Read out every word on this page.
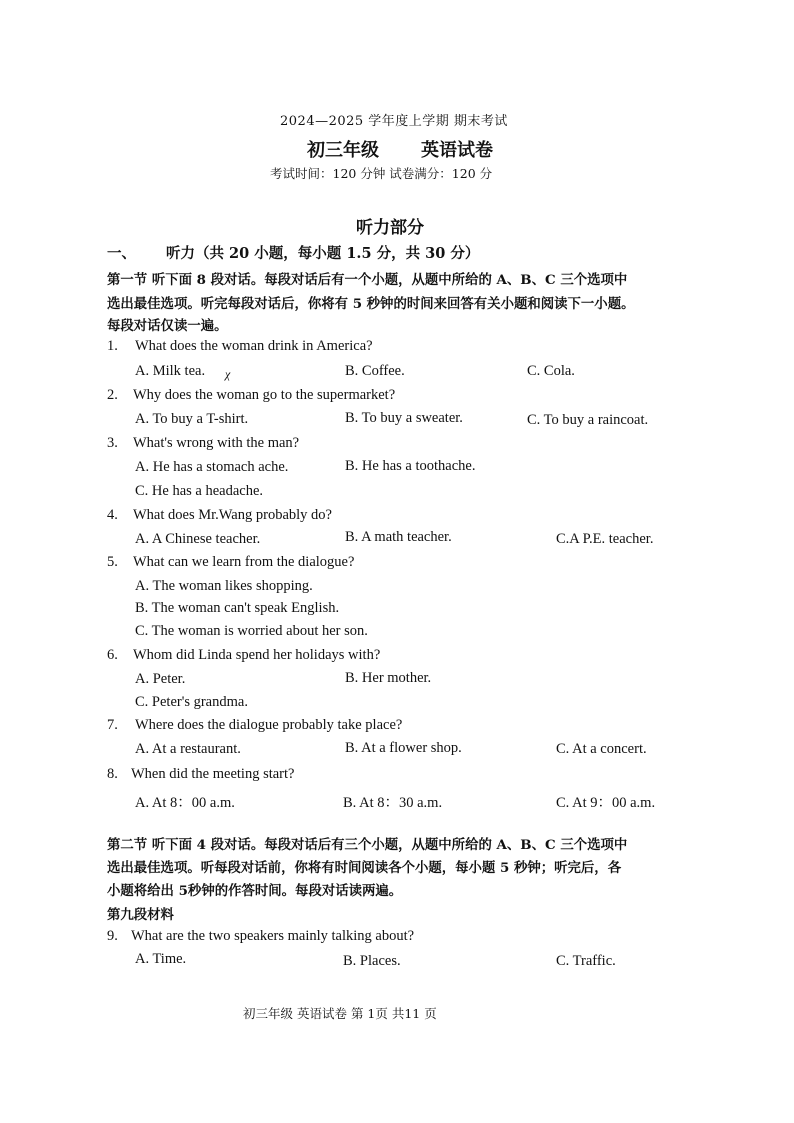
2024—2025 学年度上学期 期末考试
初三年级 英语试卷
考试时间：120 分钟 试卷满分：120 分
听力部分
一、 听力（共 20 小题，每小题 1.5 分，共 30 分）
第一节 听下面 8 段对话。每段对话后有一个小题，从题中所给的 A、B、C 三个选项中
选出最佳选项。听完每段对话后，你将有 5 秒钟的时间来回答有关小题和阅读下一小题。
每段对话仅读一遍。
1. What does the woman drink in America?
A. Milk tea. χ	B. Coffee.	C. Cola.
2. Why does the woman go to the supermarket?
A. To buy a T-shirt.	B. To buy a sweater.	C. To buy a raincoat.
3. What's wrong with the man?
A. He has a stomach ache.	B. He has a toothache.
C. He has a headache.
4. What does Mr.Wang probably do?
A. A Chinese teacher.	B. A math teacher.	C.A P.E. teacher.
5. What can we learn from the dialogue?
A. The woman likes shopping.
B. The woman can't speak English.
C. The woman is worried about her son.
6. Whom did Linda spend her holidays with?
A. Peter.	B. Her mother.
C. Peter's grandma.
7. Where does the dialogue probably take place?
A. At a restaurant.	B. At a flower shop.	C. At a concert.
8. When did the meeting start?
A. At 8：00 a.m.	B. At 8：30 a.m.	C. At 9：00 a.m.
第二节 听下面 4 段对话。每段对话后有三个小题，从题中所给的 A、B、C 三个选项中
选出最佳选项。听每段对话前，你将有时间阅读各个小题，每小题 5 秒钟；听完后，各
小题将给出 5秒钟的作答时间。每段对话读两遍。
第九段材料
9. What are the two speakers mainly talking about?
A. Time.	B. Places.	C. Traffic.
初三年级 英语试卷 第 1页 共11 页
